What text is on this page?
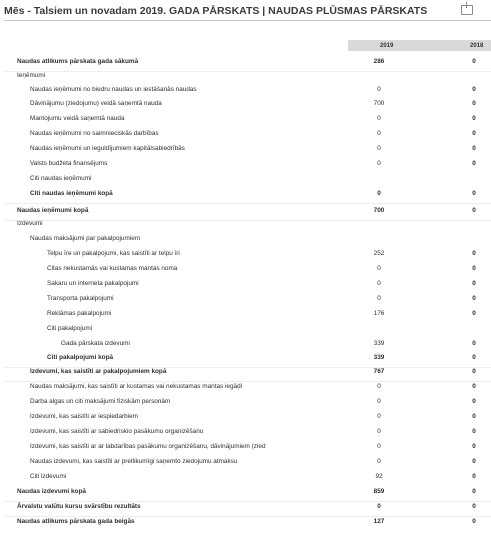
Mēs - Talsiem un novadam 2019. GADA PĀRSKATS | NAUDAS PLŪSMAS PĀRSKATS
2019	2018
Naudas atlikums pārskata gada sākumā	286	0
Ieņēmumi
Naudas ieņēmumi no biedru naudas un iestāšanās naudas	0	0
Dāvinājumu (ziedojumu) veidā saņemtā nauda	700	0
Mantojumu veidā saņemtā nauda	0	0
Naudas ieņēmumi no saimnieciskās darbības	0	0
Naudas ieņēmumi un ieguldījumiem kapitālsabiedrībās	0	0
Valsts budžeta finansējums	0	0
Citi naudas ieņēmumi
Citi naudas ieņēmumi kopā	0	0
Naudas ieņēmumi kopā	700	0
Izdevumi
Naudas maksājumi par pakalpojumiem
Telpu īre un pakalpojumi, kas saistīti ar telpu īri	252	0
Citas nekustamās vai kustamas mantas noma	0	0
Sakaru un interneta pakalpojumi	0	0
Transporta pakalpojumi	0	0
Reklāmas pakalpojumi	176	0
Citi pakalpojumi
Gada pārskata izdevumi	339	0
Citi pakalpojumi kopā	339	0
Izdevumi, kas saistīti ar pakalpojumiem kopā	767	0
Naudas maksājumi, kas saistīti ar kustamas vai nekustamas mantas iegādi	0	0
Darba algas un citi maksājumi fiziskām personām	0	0
Izdevumi, kas saistīti ar iespiedarbiem	0	0
Izdevumi, kas saistīti ar sabiedriskio pasākumu organizēšanu	0	0
Izdevumi, kas saistīti ar ar labdarības pasākumu organizēšanu, dāvinājumiem (zied	0	0
Naudas izdevumi, kas saistīti ar pretlikumīgi saņemto ziedojumu atmaksu	0	0
Citi izdevumi	92	0
Naudas izdevumi kopā	859	0
Ārvalstu valūtu kursu svārstību rezultāts	0	0
Naudas atlikums pārskata gada beigās	127	0
